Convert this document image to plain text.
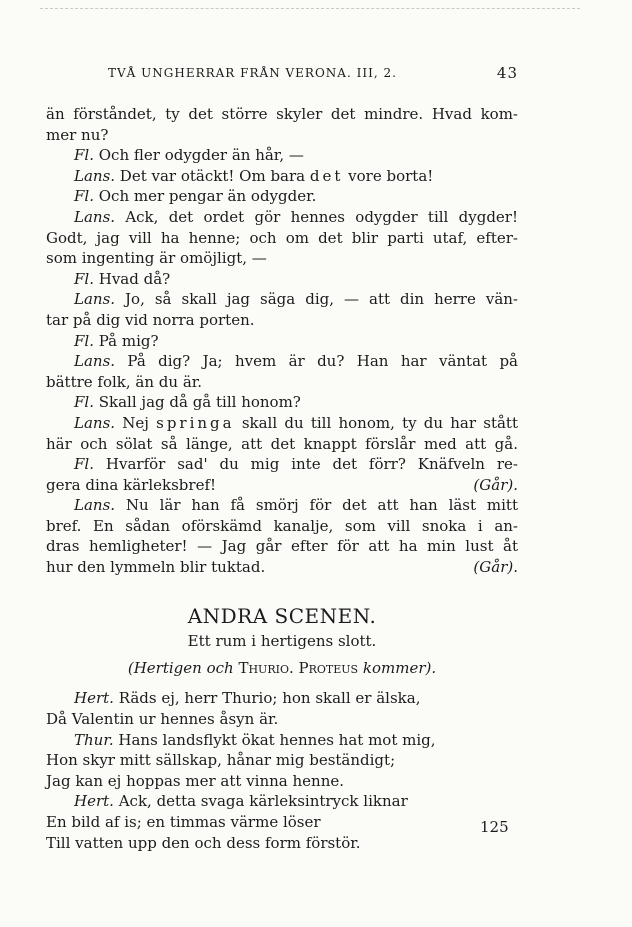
TVÅ UNGHERRAR FRÅN VERONA. III, 2.	43

än förståndet, ty det större skyler det mindre. Hvad kom-

mer nu?

Fl. Och fler odygder än hår, —

Lans. Det var otäckt! Om bara det vore borta!

Fl. Och mer pengar än odygder.

Lans. Ack, det ordet gör hennes odygder till dygder!

Godt, jag vill ha henne; och om det blir parti utaf, efter-

som ingenting är omöjligt, —

Fl. Hvad då?

Lans. Jo, så skall jag säga dig, — att din herre vän-

tar på dig vid norra porten.

Fl. På mig?

Lans. På dig? Ja; hvem är du? Han har väntat på

bättre folk, än du är.

Fl. Skall jag då gå till honom?

Lans. Nej springa skall du till honom, ty du har stått

här och sölat så länge, att det knappt förslår med att gå.

Fl. Hvarför sad' du mig inte det förr? Knäfveln re-

gera dina kärleksbref!	(Går).

Lans. Nu lär han få smörj för det att han läst mitt

bref. En sådan oförskämd kanalje, som vill snoka i an-

dras hemligheter! — Jag går efter för att ha min lust åt

hur den lymmeln blir tuktad.	(Går).

ANDRA SCENEN.
Ett rum i hertigens slott.
(Hertigen och Thurio. Proteus kommer).

Hert. Räds ej, herr Thurio; hon skall er älska,

Då Valentin ur hennes åsyn är.

Thur. Hans landsflykt ökat hennes hat mot mig,

Hon skyr mitt sällskap, hånar mig beständigt;

Jag kan ej hoppas mer att vinna henne.

Hert. Ack, detta svaga kärleksintryck liknar

En bild af is; en timmas värme löser

Till vatten upp den och dess form förstör.

125
